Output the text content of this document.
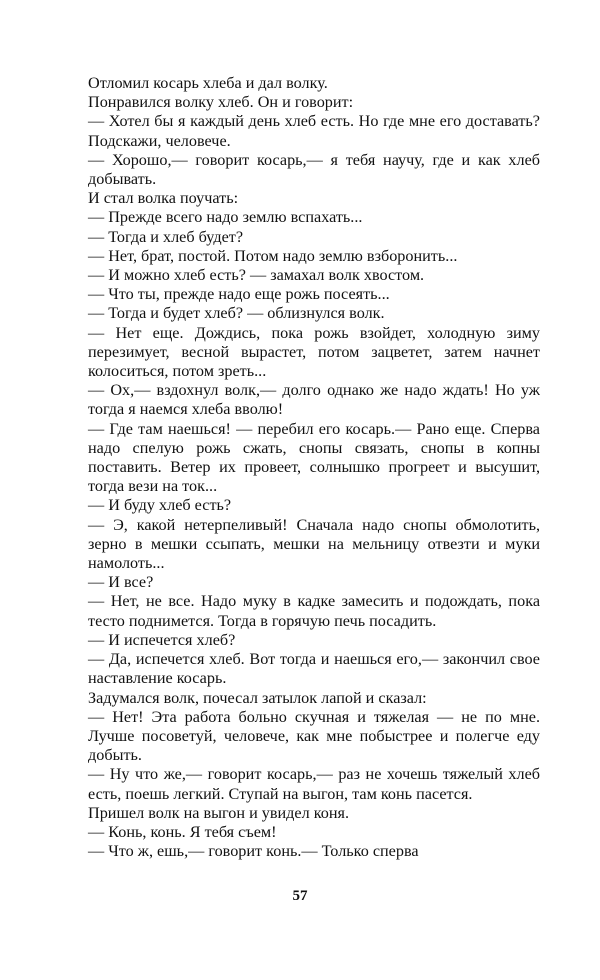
Отломил косарь хлеба и дал волку.

Понравился волку хлеб. Он и говорит:

— Хотел бы я каждый день хлеб есть. Но где мне его доставать? Подскажи, человече.

— Хорошо,— говорит косарь,— я тебя научу, где и как хлеб добывать.

И стал волка поучать:

— Прежде всего надо землю вспахать...

— Тогда и хлеб будет?

— Нет, брат, постой. Потом надо землю взборонить...

— И можно хлеб есть? — замахал волк хвостом.

— Что ты, прежде надо еще рожь посеять...

— Тогда и будет хлеб? — облизнулся волк.

— Нет еще. Дождись, пока рожь взойдет, холодную зиму перезимует, весной вырастет, потом зацветет, затем начнет колоситься, потом зреть...

— Ох,— вздохнул волк,— долго однако же надо ждать! Но уж тогда я наемся хлеба вволю!

— Где там наешься! — перебил его косарь.— Рано еще. Сперва надо спелую рожь сжать, снопы связать, снопы в копны поставить. Ветер их провеет, солнышко прогреет и высушит, тогда вези на ток...

— И буду хлеб есть?

— Э, какой нетерпеливый! Сначала надо снопы обмолотить, зерно в мешки ссыпать, мешки на мельницу отвезти и муки намолоть...

— И все?

— Нет, не все. Надо муку в кадке замесить и подождать, пока тесто поднимется. Тогда в горячую печь посадить.

— И испечется хлеб?

— Да, испечется хлеб. Вот тогда и наешься его,— закончил свое наставление косарь.

Задумался волк, почесал затылок лапой и сказал:

— Нет! Эта работа больно скучная и тяжелая — не по мне. Лучше посоветуй, человече, как мне побыстрее и полегче еду добыть.

— Ну что же,— говорит косарь,— раз не хочешь тяжелый хлеб есть, поешь легкий. Ступай на выгон, там конь пасется.

Пришел волк на выгон и увидел коня.

— Конь, конь. Я тебя съем!

— Что ж, ешь,— говорит конь.— Только сперва

57
